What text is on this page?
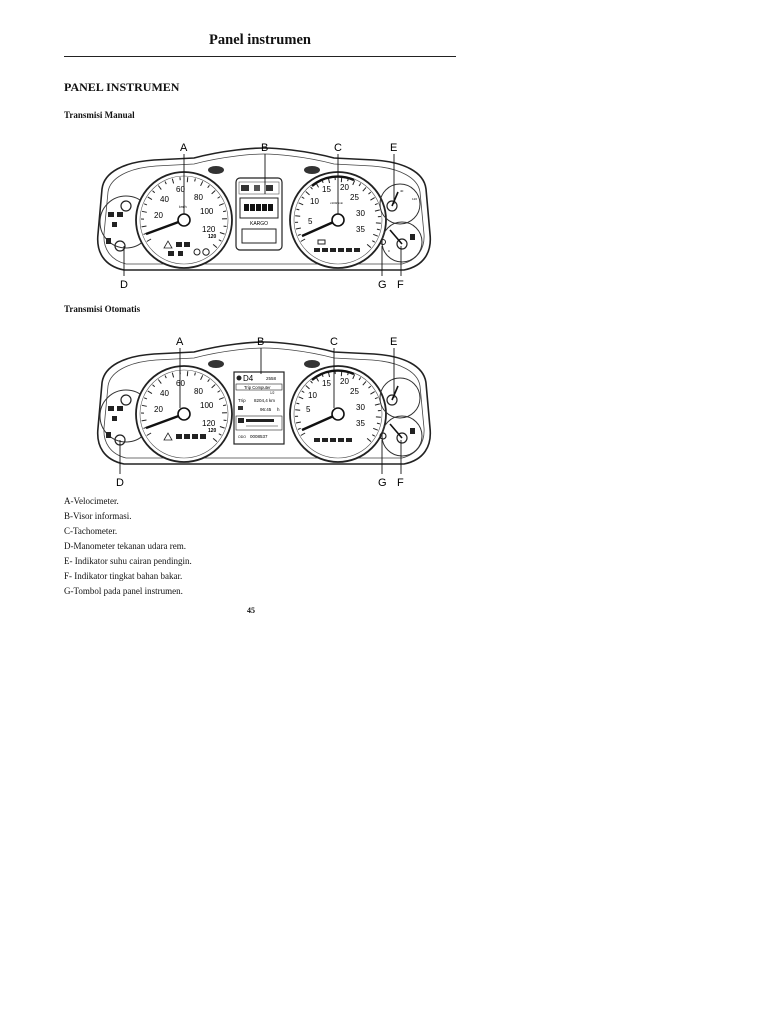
Panel instrumen
PANEL INSTRUMEN
Transmisi Manual
20
40
60
80
100
120
km/h
120
KARGO	5
10
15 20
25
30
35
x100r/min
40
120
0
A	B	C	E
D	G F
Transmisi Otomatis
20
40
60
80
100
120
120
D4	2558
Trip Computer
1/2
Trip 8204,4 km
96:45 h
ODO 0008537
5
10
15 20
25
30
35
A	B	C	E
D	G F
A-Velocimeter.
B-Visor informasi.
C-Tachometer.
D-Manometer tekanan udara rem.
E- Indikator suhu cairan pendingin.
F- Indikator tingkat bahan bakar.
G-Tombol pada panel instrumen.
45
